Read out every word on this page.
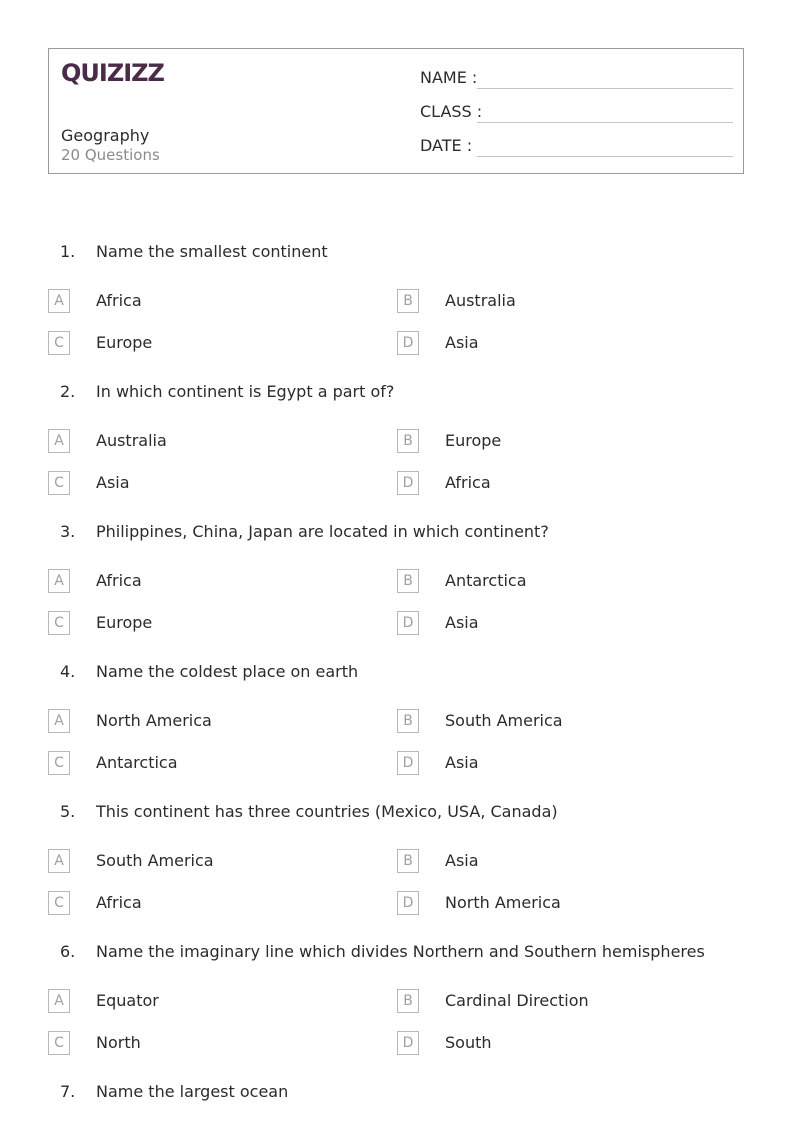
QUIZIZZ
Geography
20 Questions
NAME :
CLASS :
DATE :
1. Name the smallest continent
A	Africa	B	Australia
C	Europe	D	Asia
2. In which continent is Egypt a part of?
A	Australia	B	Europe
C	Asia	D	Africa
3. Philippines, China, Japan are located in which continent?
A	Africa	B	Antarctica
C	Europe	D	Asia
4. Name the coldest place on earth
A	North America	B	South America
C	Antarctica	D	Asia
5. This continent has three countries (Mexico, USA, Canada)
A	South America	B	Asia
C	Africa	D	North America
6. Name the imaginary line which divides Northern and Southern hemispheres
A	Equator	B	Cardinal Direction
C	North	D	South
7. Name the largest ocean
